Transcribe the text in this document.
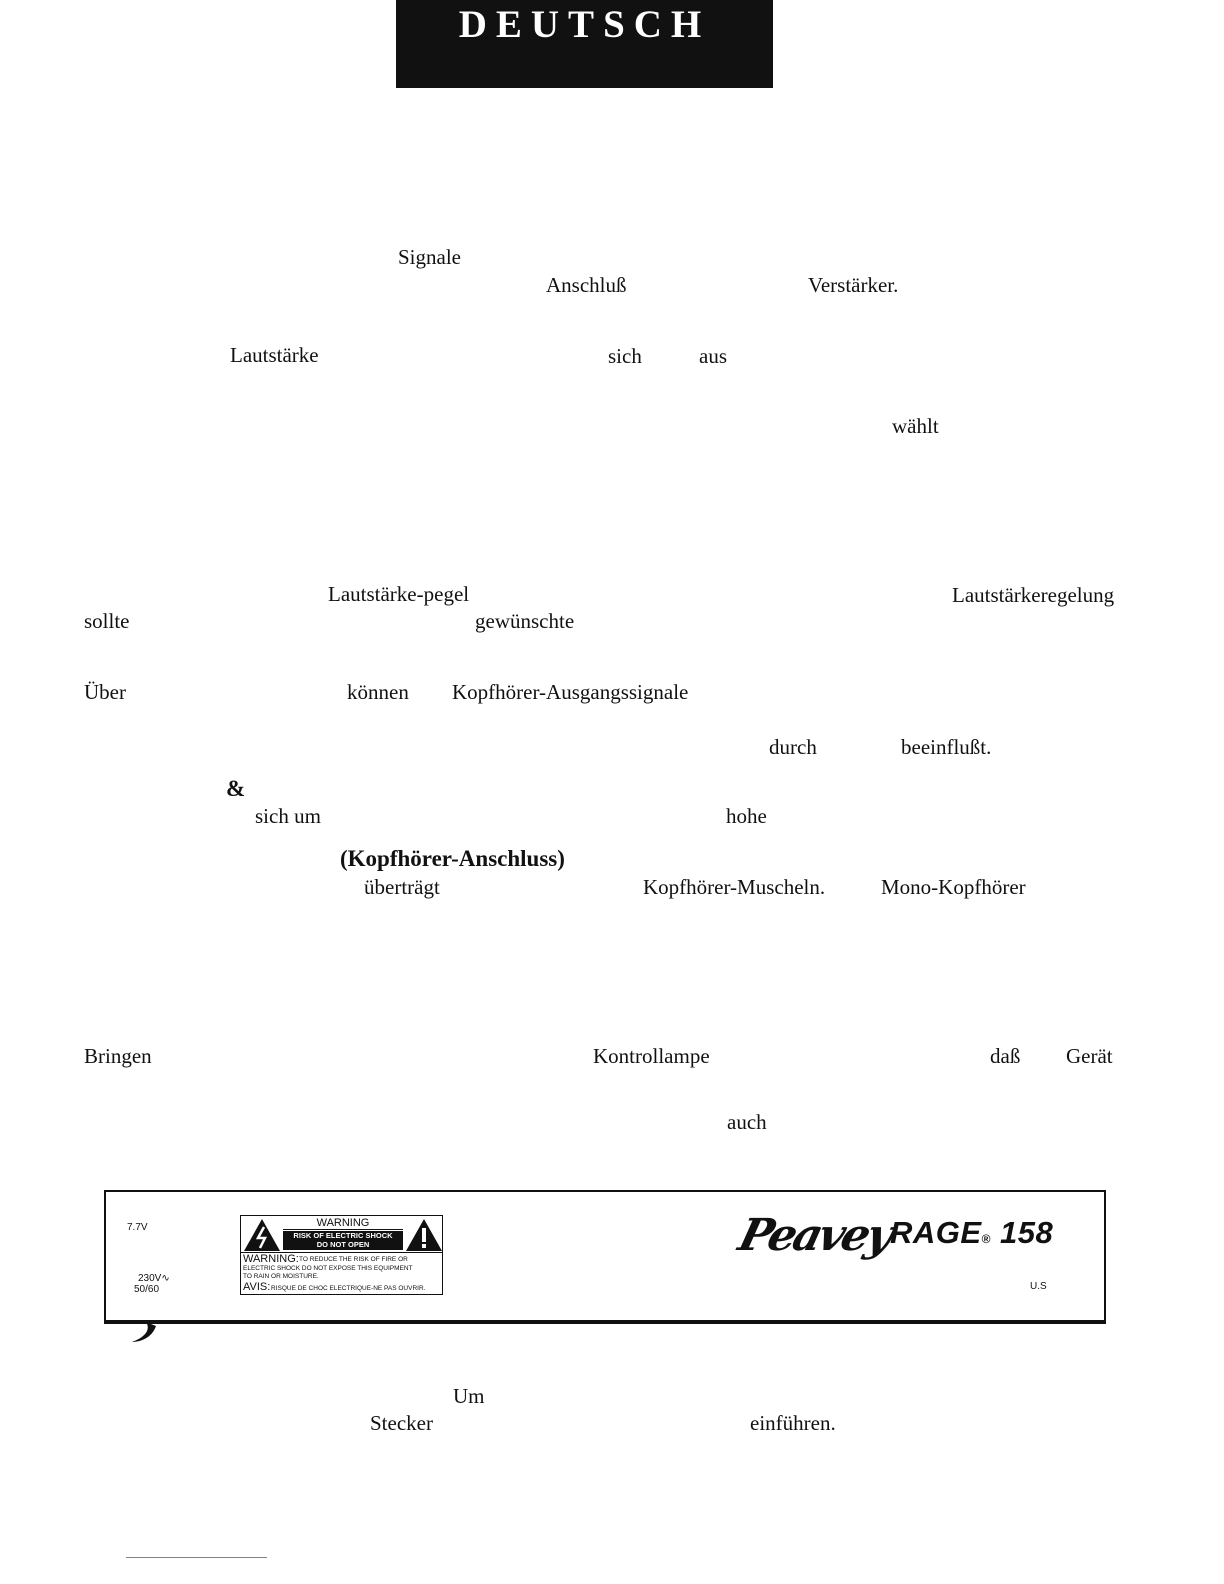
DEUTSCH
Signale
Anschluß	Verstärker.
Lautstärke	sich	aus
wählt
Lautstärke-pegel	Lautstärkeregelung
sollte	gewünschte
Über	können Kopfhörer-Ausgangssignale
durch	beeinflußt.
&
sich um	hohe
(Kopfhörer-Anschluss)
überträgt	Kopfhörer-Muscheln.	Mono-Kopfhörer
Bringen	Kontrollampe	daß Gerät
auch
7.7V
230V∿
50/60
WARNING
RISK OF ELECTRIC SHOCK
DO NOT OPEN
WARNING: TO REDUCE THE RISK OF FIRE OR
ELECTRIC SHOCK DO NOT EXPOSE THIS EQUIPMENT
TO RAIN OR MOISTURE.
AVIS: RISQUE DE CHOC ELECTRIQUE-NE PAS OUVRIR.
Peavey
RAGE® 158
U.S
Um
Stecker	einführen.
